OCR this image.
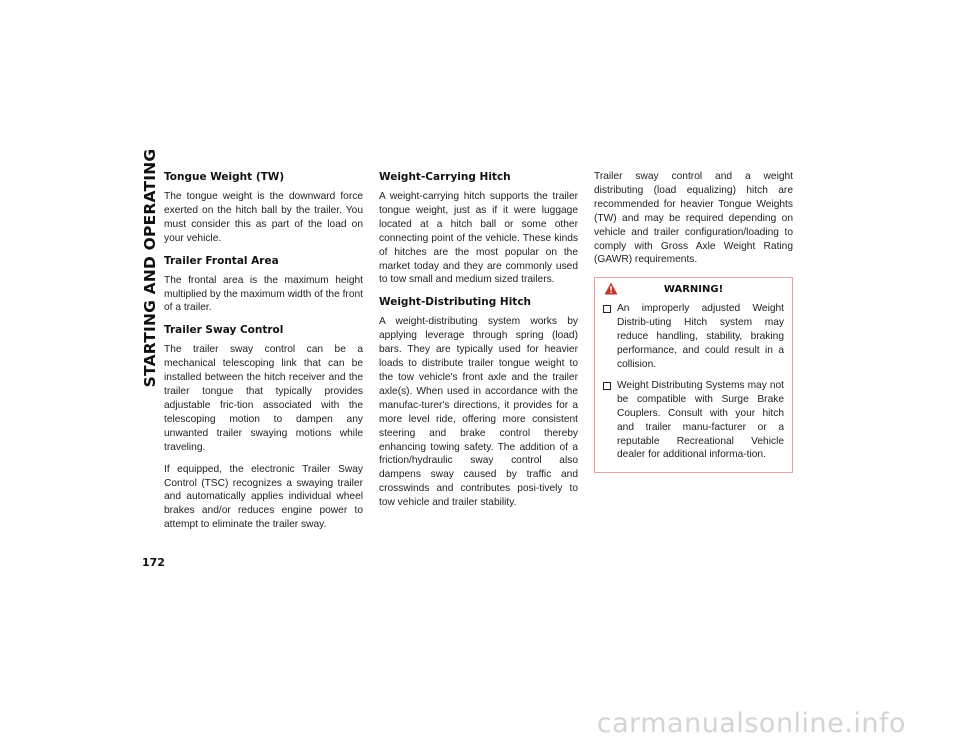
STARTING AND OPERATING
172
Tongue Weight (TW)

The tongue weight is the downward force exerted on the hitch ball by the trailer. You must consider this as part of the load on your vehicle.

Trailer Frontal Area

The frontal area is the maximum height multiplied by the maximum width of the front of a trailer.

Trailer Sway Control

The trailer sway control can be a mechanical telescoping link that can be installed between the hitch receiver and the trailer tongue that typically provides adjustable fric-tion associated with the telescoping motion to dampen any unwanted trailer swaying motions while traveling.

If equipped, the electronic Trailer Sway Control (TSC) recognizes a swaying trailer and automatically applies individual wheel brakes and/or reduces engine power to attempt to eliminate the trailer sway.

Weight-Carrying Hitch

A weight-carrying hitch supports the trailer tongue weight, just as if it were luggage located at a hitch ball or some other connecting point of the vehicle. These kinds of hitches are the most popular on the market today and they are commonly used to tow small and medium sized trailers.

Weight-Distributing Hitch

A weight-distributing system works by applying leverage through spring (load) bars. They are typically used for heavier loads to distribute trailer tongue weight to the tow vehicle's front axle and the trailer axle(s). When used in accordance with the manufac-turer's directions, it provides for a more level ride, offering more consistent steering and brake control thereby enhancing towing safety. The addition of a friction/hydraulic sway control also dampens sway caused by traffic and crosswinds and contributes posi-tively to tow vehicle and trailer stability.

Trailer sway control and a weight distributing (load equalizing) hitch are recommended for heavier Tongue Weights (TW) and may be required depending on vehicle and trailer configuration/loading to comply with Gross Axle Weight Rating (GAWR) requirements.

WARNING!
An improperly adjusted Weight Distrib-uting Hitch system may reduce handling, stability, braking performance, and could result in a collision.
Weight Distributing Systems may not be compatible with Surge Brake Couplers. Consult with your hitch and trailer manu-facturer or a reputable Recreational Vehicle dealer for additional informa-tion.
carmanualsonline.info
